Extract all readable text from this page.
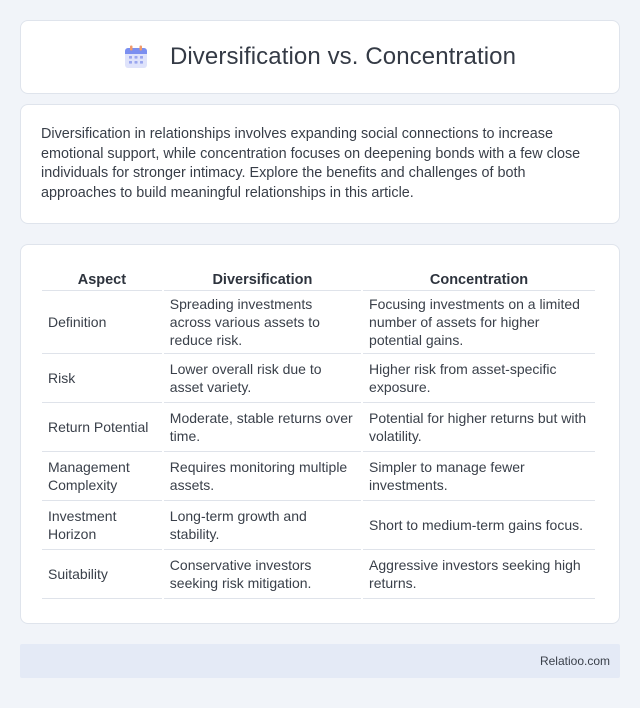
Diversification vs. Concentration

Diversification in relationships involves expanding social connections to increase emotional support, while concentration focuses on deepening bonds with a few close individuals for stronger intimacy. Explore the benefits and challenges of both approaches to build meaningful relationships in this article.

Aspect	Diversification	Concentration
Definition	Spreading investments across various assets to reduce risk.	Focusing investments on a limited number of assets for higher potential gains.
Risk	Lower overall risk due to asset variety.	Higher risk from asset-specific exposure.
Return Potential	Moderate, stable returns over time.	Potential for higher returns but with volatility.
Management Complexity	Requires monitoring multiple assets.	Simpler to manage fewer investments.
Investment Horizon	Long-term growth and stability.	Short to medium-term gains focus.
Suitability	Conservative investors seeking risk mitigation.	Aggressive investors seeking high returns.
Relatioo.com
